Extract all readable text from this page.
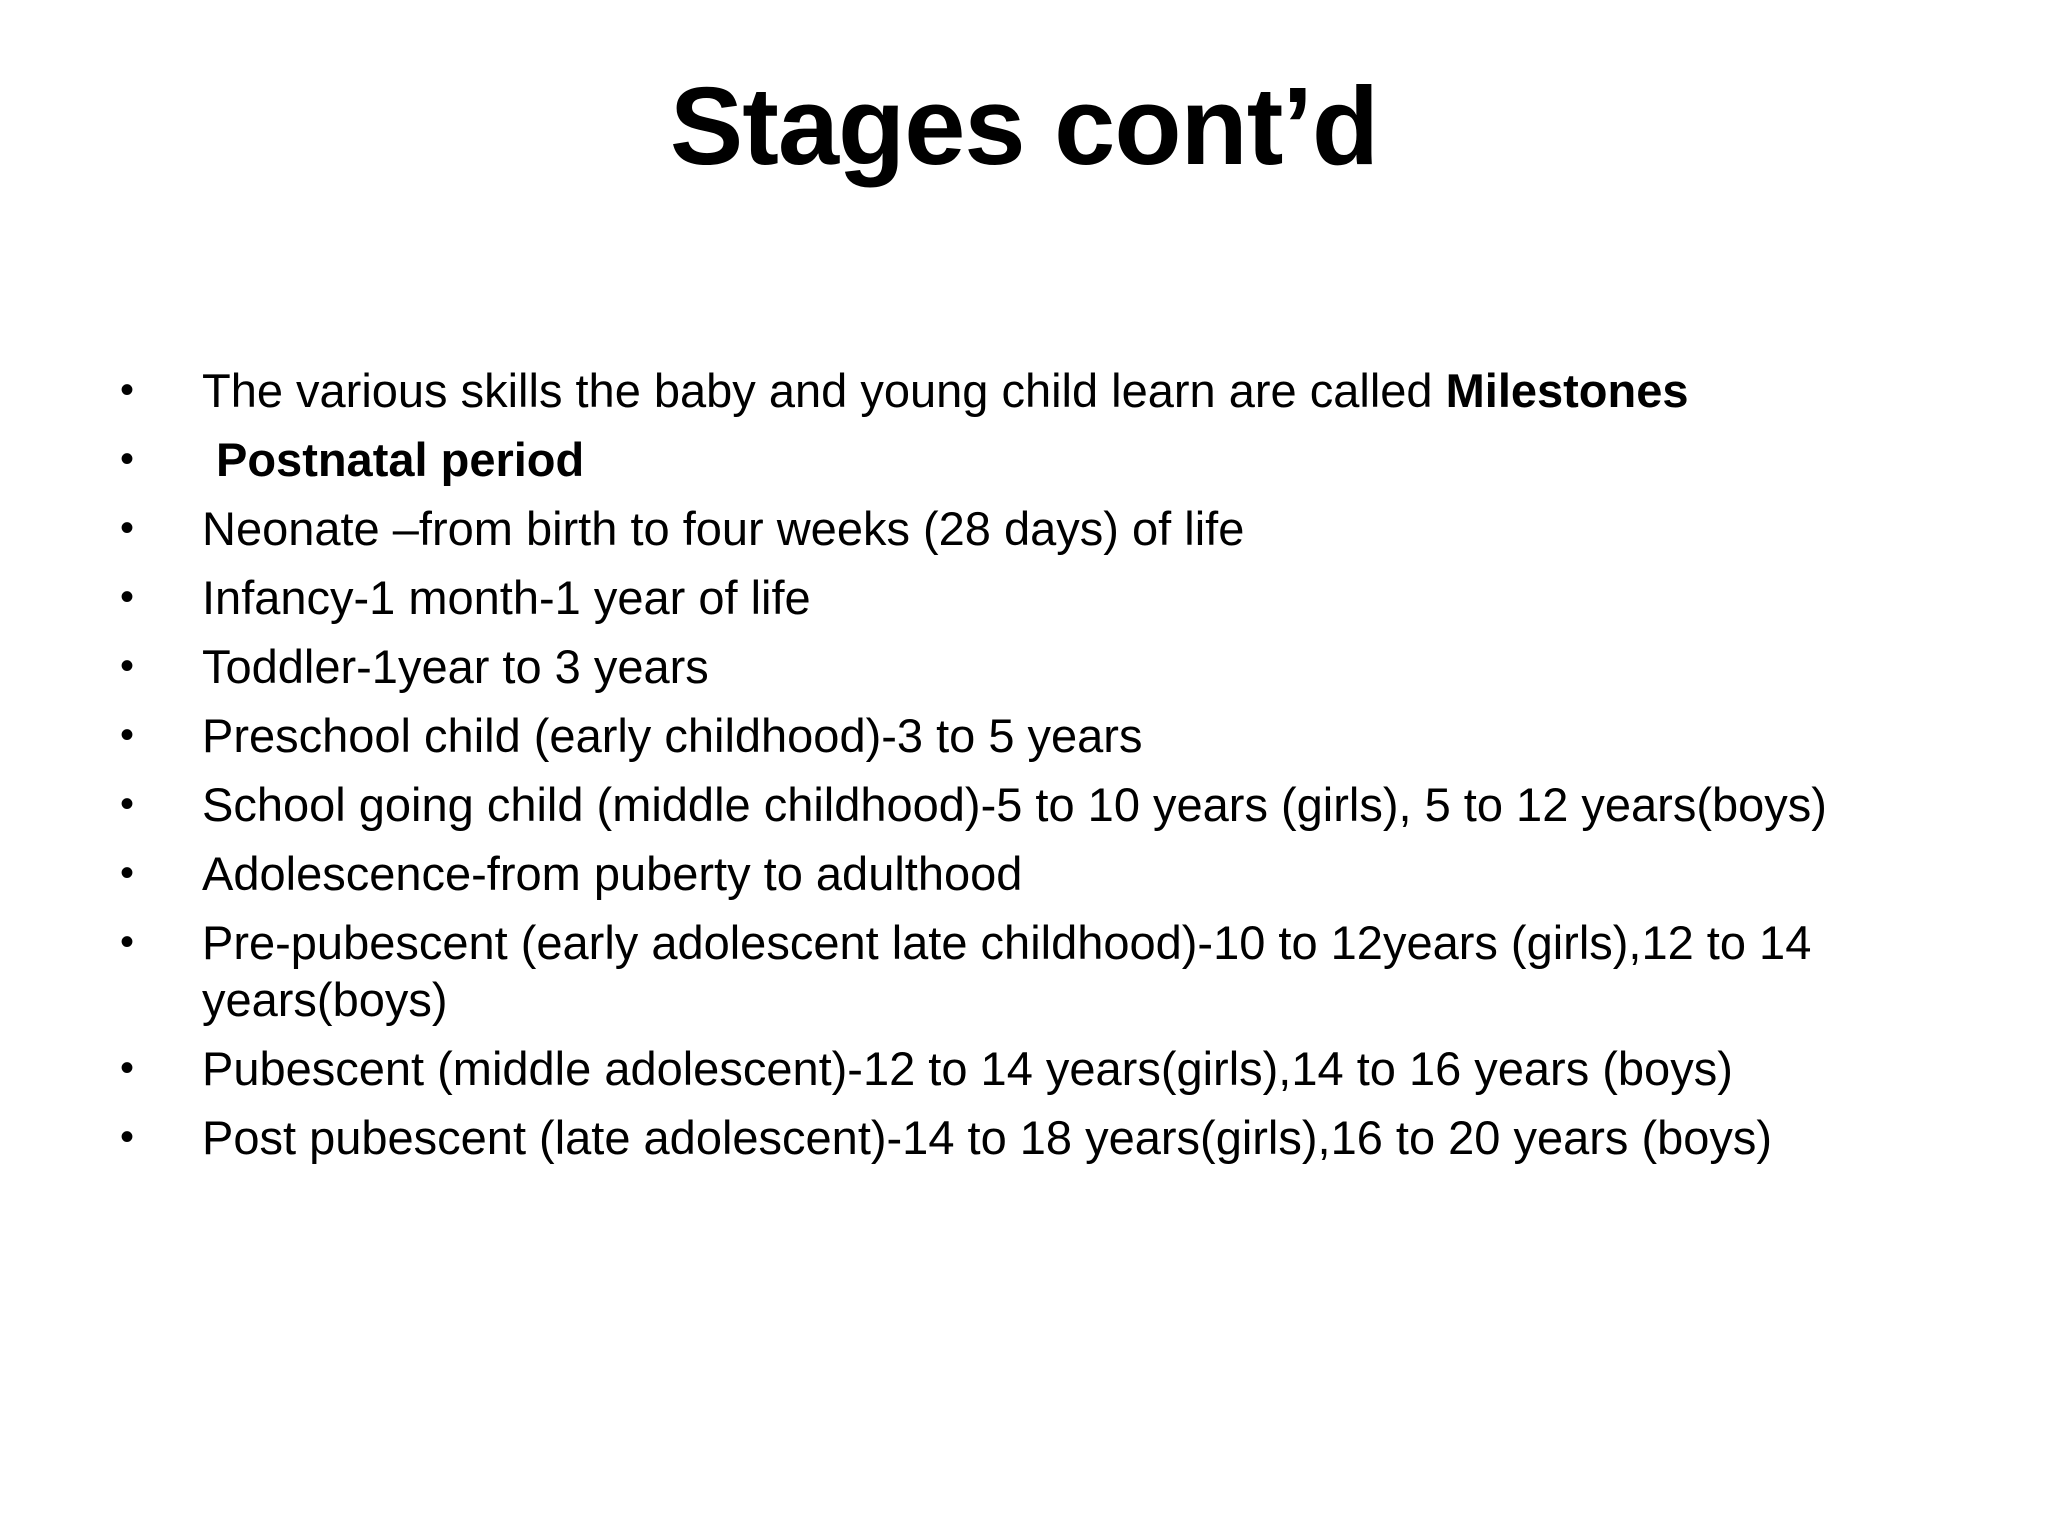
Stages cont’d
•	The various skills the baby and young child learn are called Milestones
•	Postnatal period
•	Neonate –from birth to four weeks (28 days) of life
•	Infancy-1 month-1 year of life
•	Toddler-1year to 3 years
•	Preschool child (early childhood)-3 to 5 years
•	School going child (middle childhood)-5 to 10 years (girls), 5 to 12 years(boys)
•	Adolescence-from puberty to adulthood
•	Pre-pubescent (early adolescent late childhood)-10 to 12years (girls),12 to 14 years(boys)
•	Pubescent (middle adolescent)-12 to 14 years(girls),14 to 16 years (boys)
•	Post pubescent (late adolescent)-14 to 18 years(girls),16 to 20 years (boys)
